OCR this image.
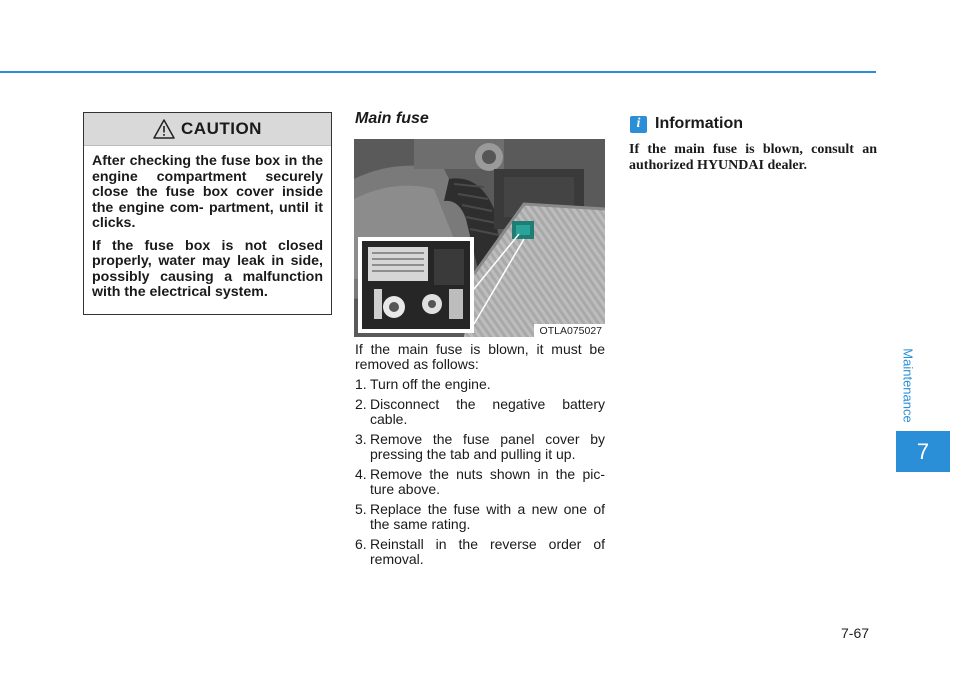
CAUTION

After checking the fuse box in the engine compartment securely close the fuse box cover inside the engine com- partment, until it clicks.

If the fuse box is not closed properly, water may leak in side, possibly causing a malfunction with the electrical system.

Main fuse
OTLA075027

If the main fuse is blown, it must be removed as follows:

1. Turn off the engine.
2. Disconnect the negative battery cable.
3. Remove the fuse panel cover by pressing the tab and pulling it up.
4. Remove the nuts shown in the pic- ture above.
5. Replace the fuse with a new one of the same rating.
6. Reinstall in the reverse order of removal.
i Information
If the main fuse is blown, consult an authorized HYUNDAI dealer.
Maintenance
7
7-67
